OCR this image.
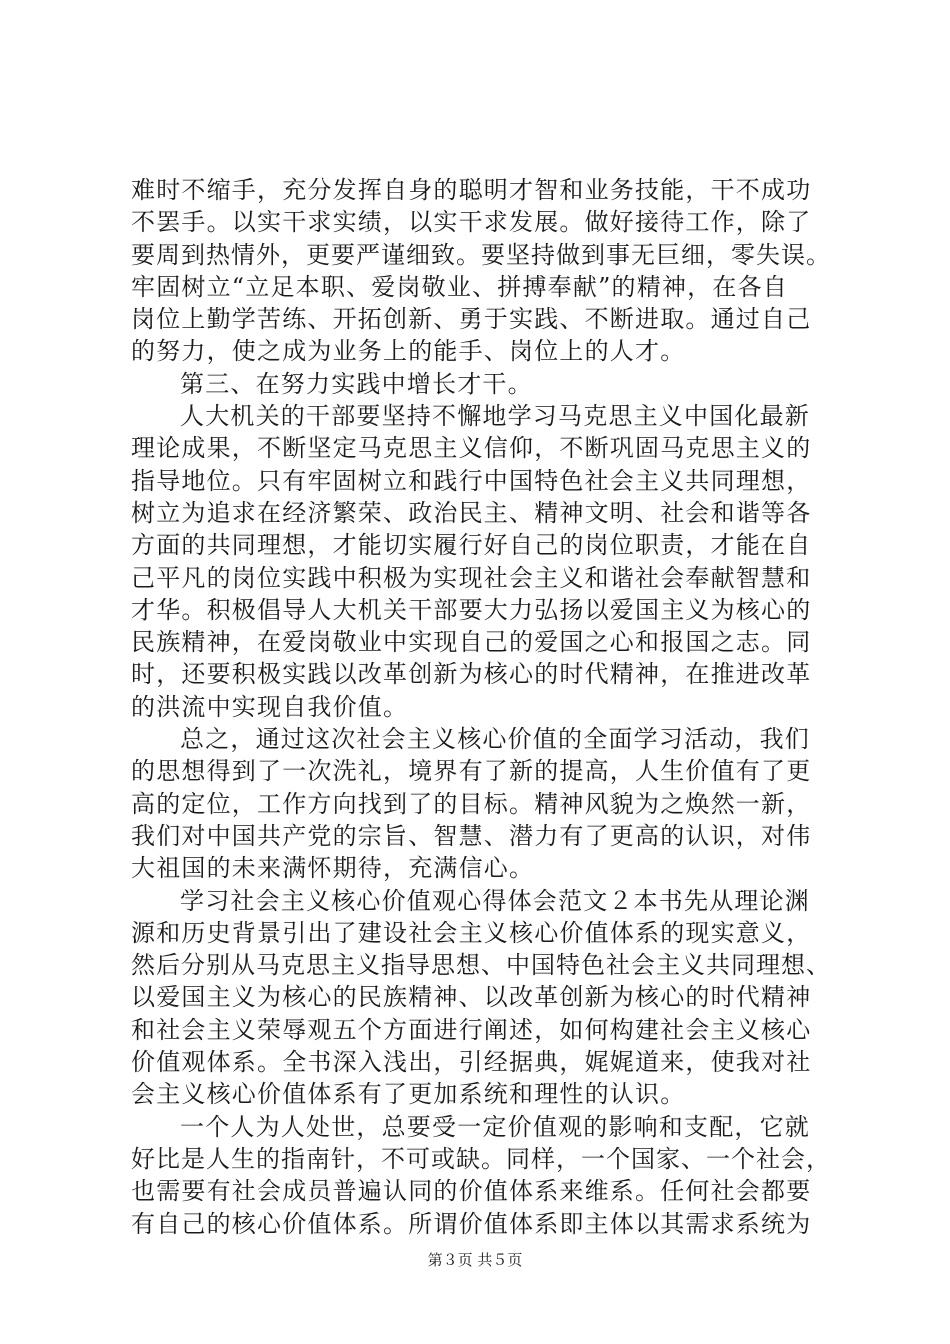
难时不缩手，充分发挥自身的聪明才智和业务技能，干不成功
不罢手。以实干求实绩，以实干求发展。做好接待工作，除了
要周到热情外，更要严谨细致。要坚持做到事无巨细，零失误。
牢固树立“立足本职、爱岗敬业、拼搏奉献”的精神，在各自
岗位上勤学苦练、开拓创新、勇于实践、不断进取。通过自己
的努力，使之成为业务上的能手、岗位上的人才。
第三、在努力实践中增长才干。
人大机关的干部要坚持不懈地学习马克思主义中国化最新
理论成果，不断坚定马克思主义信仰，不断巩固马克思主义的
指导地位。只有牢固树立和践行中国特色社会主义共同理想，
树立为追求在经济繁荣、政治民主、精神文明、社会和谐等各
方面的共同理想，才能切实履行好自己的岗位职责，才能在自
己平凡的岗位实践中积极为实现社会主义和谐社会奉献智慧和
才华。积极倡导人大机关干部要大力弘扬以爱国主义为核心的
民族精神，在爱岗敬业中实现自己的爱国之心和报国之志。同
时，还要积极实践以改革创新为核心的时代精神，在推进改革
的洪流中实现自我价值。
总之，通过这次社会主义核心价值的全面学习活动，我们
的思想得到了一次洗礼，境界有了新的提高，人生价值有了更
高的定位，工作方向找到了的目标。精神风貌为之焕然一新，
我们对中国共产党的宗旨、智慧、潜力有了更高的认识，对伟
大祖国的未来满怀期待，充满信心。
学习社会主义核心价值观心得体会范文２本书先从理论渊
源和历史背景引出了建设社会主义核心价值体系的现实意义，
然后分别从马克思主义指导思想、中国特色社会主义共同理想、
以爱国主义为核心的民族精神、以改革创新为核心的时代精神
和社会主义荣辱观五个方面进行阐述，如何构建社会主义核心
价值观体系。全书深入浅出，引经据典，娓娓道来，使我对社
会主义核心价值体系有了更加系统和理性的认识。
一个人为人处世，总要受一定价值观的影响和支配，它就
好比是人生的指南针，不可或缺。同样，一个国家、一个社会，
也需要有社会成员普遍认同的价值体系来维系。任何社会都要
有自己的核心价值体系。所谓价值体系即主体以其需求系统为
第３页 共５页
